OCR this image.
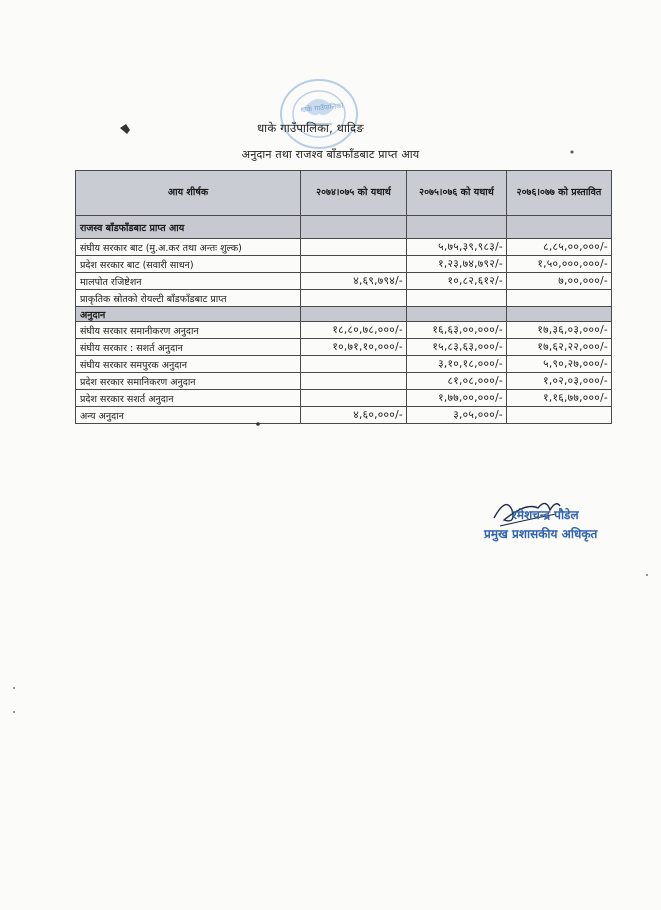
धाके गाउँपालिका
धाके गाउँपालिका, धादिङ
अनुदान तथा राजश्व बाँडफाँडबाट प्राप्त आय
आय शीर्षक	२०७४।०७५ को यथार्थ	२०७५।०७६ को यथार्थ	२०७६।०७७ को प्रस्तावित
राजस्व बाँडफाँडबाट प्राप्त आय			
संघीय सरकार बाट (मु.अ.कर तथा अन्तः शुल्क)		५,७५,३९,९८३/-	८,८५,००,०००/-
प्रदेश सरकार बाट (सवारी साधन)		१,२३,७४,७९२/-	१,५०,०००,०००/-
मालपोत रजिष्टेशन	४,६९,७९४/-	१०,८२,६१२/-	७,००,०००/-
प्राकृतिक स्रोतको रोयल्टी बाँडफाँडबाट प्राप्त			
अनुदान			
संघीय सरकार समानीकरण अनुदान	१८,८०,७८,०००/-	१६,६३,००,०००/-	१७,३६,०३,०००/-
संघीय सरकार : सशर्त अनुदान	१०,७१,१०,०००/-	१५,८३,६३,०००/-	१७,६२,२२,०००/-
संघीय सरकार समपुरक अनुदान		३,१०,१८,०००/-	५,९०,२७,०००/-
प्रदेश सरकार समानिकरण अनुदान		८१,०८,०००/-	१,०२,०३,०००/-
प्रदेश सरकार सशर्त अनुदान		१,७७,००,०००/-	१,१६,७७,०००/-
अन्य अनुदान	४,६०,०००/-	३,०५,०००/-	
रमेशचन्द्र पौडेल
प्रमुख प्रशासकीय अधिकृत
